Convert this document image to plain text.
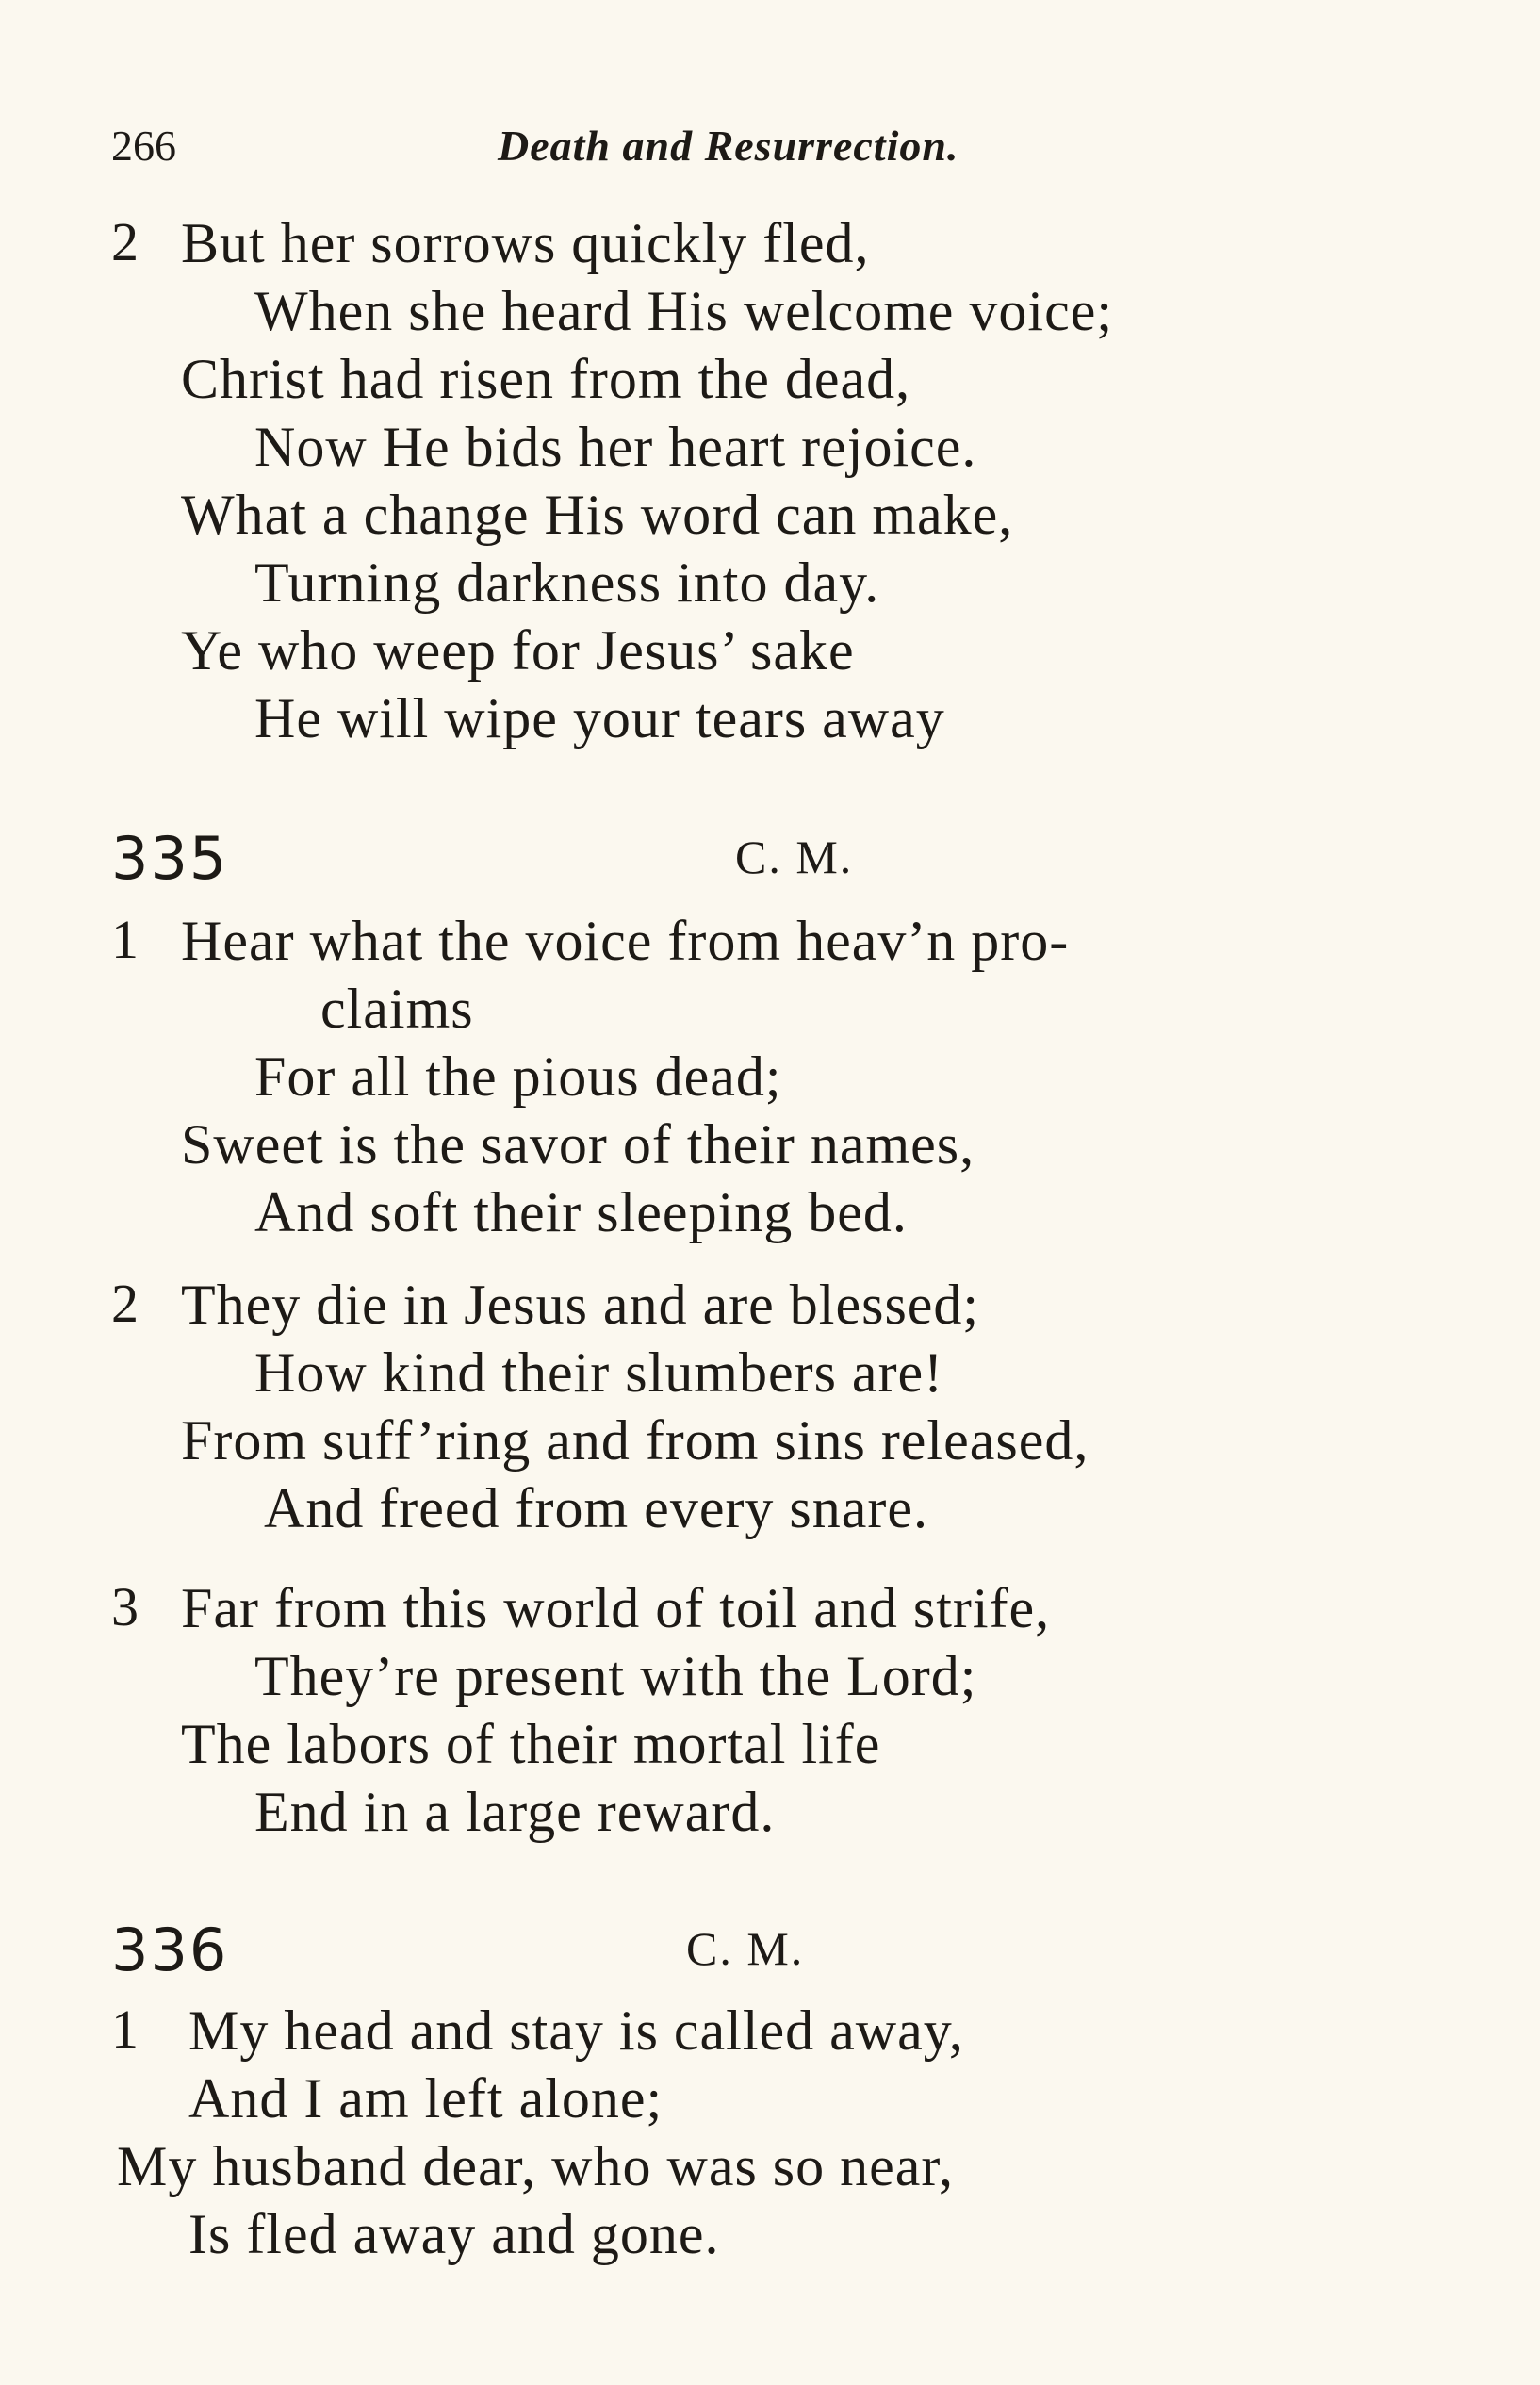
266	Death and Resurrection.
2 But her sorrows quickly fled,
When she heard His welcome voice;
Christ had risen from the dead,
Now He bids her heart rejoice.
What a change His word can make,
Turning darkness into day.
Ye who weep for Jesus’ sake
He will wipe your tears away
335	C. M.
1 Hear what the voice from heav’n pro-
claims
For all the pious dead;
Sweet is the savor of their names,
And soft their sleeping bed.
2 They die in Jesus and are blessed;
How kind their slumbers are!
From suff’ring and from sins released,
And freed from every snare.
3 Far from this world of toil and strife,
They’re present with the Lord;
The labors of their mortal life
End in a large reward.
336	C. M.
1 My head and stay is called away,
And I am left alone;
My husband dear, who was so near,
Is fled away and gone.
